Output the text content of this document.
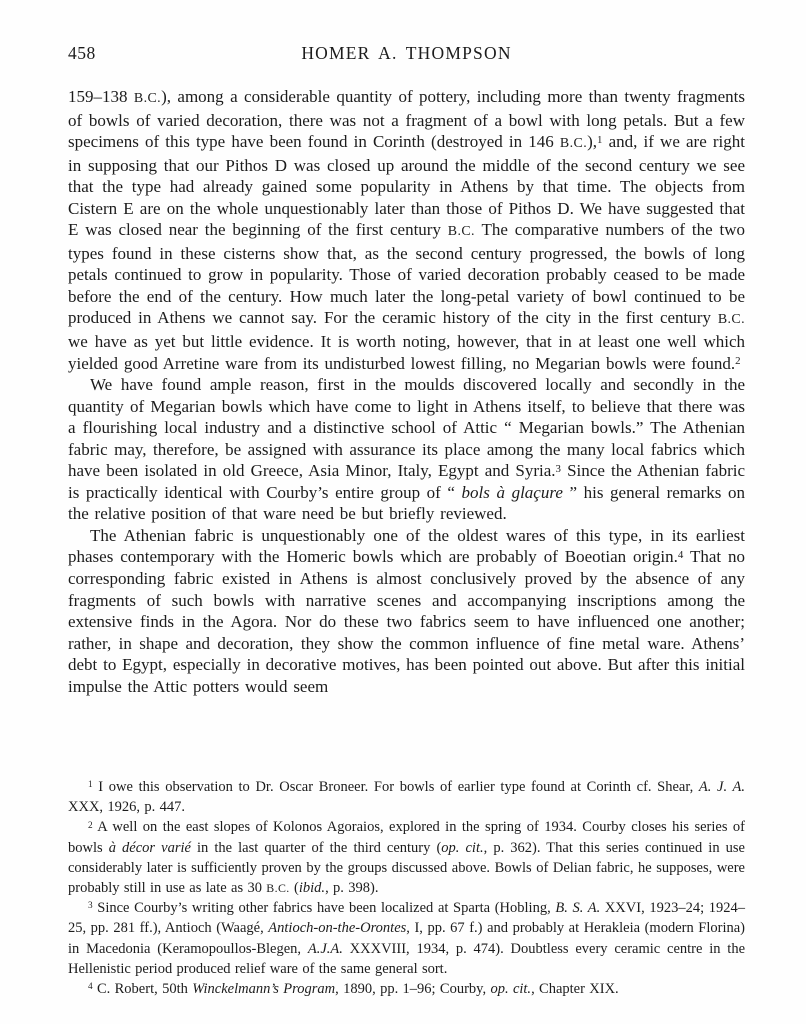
458	HOMER A. THOMPSON

159–138 B.C.), among a considerable quantity of pottery, including more than twenty fragments of bowls of varied decoration, there was not a fragment of a bowl with long petals. But a few specimens of this type have been found in Corinth (destroyed in 146 B.C.),$^1$ and, if we are right in supposing that our Pithos D was closed up around the middle of the second century we see that the type had already gained some popularity in Athens by that time. The objects from Cistern E are on the whole unquestionably later than those of Pithos D. We have suggested that E was closed near the beginning of the first century B.C. The comparative numbers of the two types found in these cisterns show that, as the second century progressed, the bowls of long petals continued to grow in popularity. Those of varied decoration probably ceased to be made before the end of the century. How much later the long-petal variety of bowl continued to be produced in Athens we cannot say. For the ceramic history of the city in the first century B.C. we have as yet but little evidence. It is worth noting, however, that in at least one well which yielded good Arretine ware from its undisturbed lowest filling, no Megarian bowls were found.$^2$

We have found ample reason, first in the moulds discovered locally and secondly in the quantity of Megarian bowls which have come to light in Athens itself, to believe that there was a flourishing local industry and a distinctive school of Attic “ Megarian bowls.” The Athenian fabric may, therefore, be assigned with assurance its place among the many local fabrics which have been isolated in old Greece, Asia Minor, Italy, Egypt and Syria.$^3$ Since the Athenian fabric is practically identical with Courby’s entire group of “ bols à glaçure ” his general remarks on the relative position of that ware need be but briefly reviewed.

The Athenian fabric is unquestionably one of the oldest wares of this type, in its earliest phases contemporary with the Homeric bowls which are probably of Boeotian origin.$^4$ That no corresponding fabric existed in Athens is almost conclusively proved by the absence of any fragments of such bowls with narrative scenes and accompanying inscriptions among the extensive finds in the Agora. Nor do these two fabrics seem to have influenced one another; rather, in shape and decoration, they show the common influence of fine metal ware. Athens’ debt to Egypt, especially in decorative motives, has been pointed out above. But after this initial impulse the Attic potters would seem

$^1$ I owe this observation to Dr. Oscar Broneer. For bowls of earlier type found at Corinth cf. Shear, A. J. A. XXX, 1926, p. 447.

$^2$ A well on the east slopes of Kolonos Agoraios, explored in the spring of 1934. Courby closes his series of bowls à décor varié in the last quarter of the third century (op. cit., p. 362). That this series continued in use considerably later is sufficiently proven by the groups discussed above. Bowls of Delian fabric, he supposes, were probably still in use as late as 30 B.C. (ibid., p. 398).

$^3$ Since Courby’s writing other fabrics have been localized at Sparta (Hobling, B. S. A. XXVI, 1923–24; 1924–25, pp. 281 ff.), Antioch (Waagé, Antioch-on-the-Orontes, I, pp. 67 f.) and probably at Herakleia (modern Florina) in Macedonia (Keramopoullos-Blegen, A.J.A. XXXVIII, 1934, p. 474). Doubtless every ceramic centre in the Hellenistic period produced relief ware of the same general sort.

$^4$ C. Robert, 50th Winckelmann’s Program, 1890, pp. 1–96; Courby, op. cit., Chapter XIX.
